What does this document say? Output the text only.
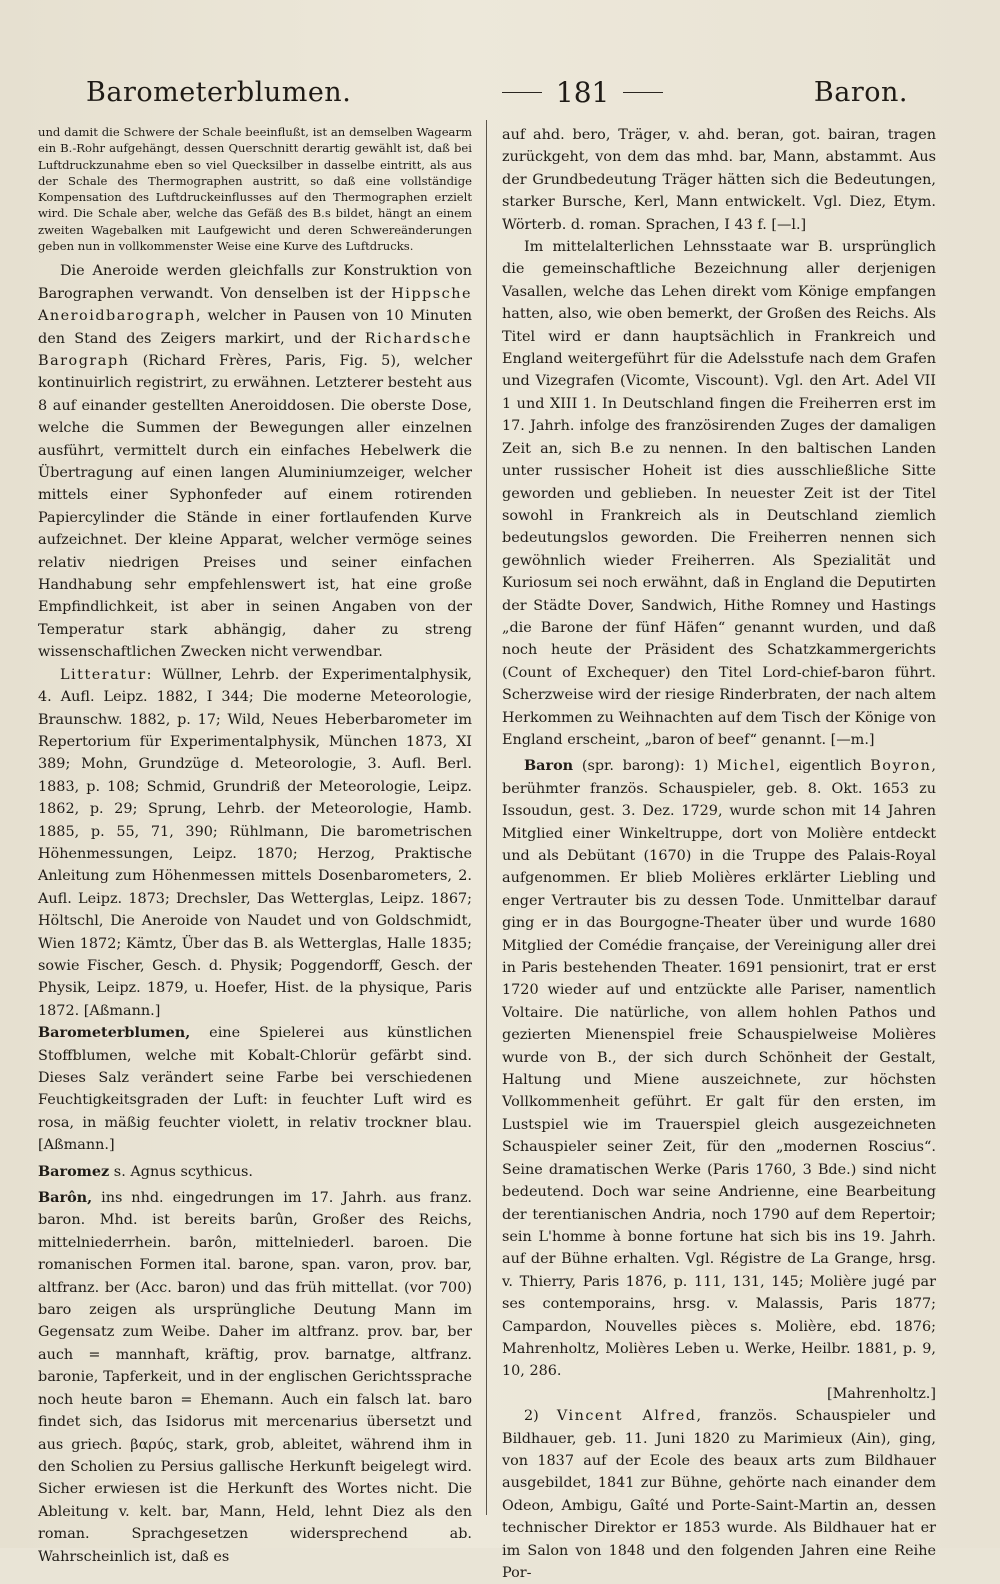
Barometerblumen.	181	Baron.

und damit die Schwere der Schale beeinflußt, ist an demselben Wagearm ein B.-Rohr aufgehängt, dessen Querschnitt derartig gewählt ist, daß bei Luftdruckzunahme eben so viel Quecksilber in dasselbe eintritt, als aus der Schale des Thermographen austritt, so daß eine vollständige Kompensation des Luftdruckeinflusses auf den Thermographen erzielt wird. Die Schale aber, welche das Gefäß des B.s bildet, hängt an einem zweiten Wagebalken mit Laufgewicht und deren Schwereänderungen geben nun in vollkommenster Weise eine Kurve des Luftdrucks.

Die Aneroide werden gleichfalls zur Konstruktion von Barographen verwandt. Von denselben ist der Hippsche Aneroidbarograph, welcher in Pausen von 10 Minuten den Stand des Zeigers markirt, und der Richardsche Barograph (Richard Frères, Paris, Fig. 5), welcher kontinuirlich registrirt, zu erwähnen. Letzterer besteht aus 8 auf einander gestellten Aneroiddosen. Die oberste Dose, welche die Summen der Bewegungen aller einzelnen ausführt, vermittelt durch ein einfaches Hebelwerk die Übertragung auf einen langen Aluminiumzeiger, welcher mittels einer Syphonfeder auf einem rotirenden Papiercylinder die Stände in einer fortlaufenden Kurve aufzeichnet. Der kleine Apparat, welcher vermöge seines relativ niedrigen Preises und seiner einfachen Handhabung sehr empfehlenswert ist, hat eine große Empfindlichkeit, ist aber in seinen Angaben von der Temperatur stark abhängig, daher zu streng wissenschaftlichen Zwecken nicht verwendbar.

Litteratur: Wüllner, Lehrb. der Experimentalphysik, 4. Aufl. Leipz. 1882, I 344; Die moderne Meteorologie, Braunschw. 1882, p. 17; Wild, Neues Heberbarometer im Repertorium für Experimentalphysik, München 1873, XI 389; Mohn, Grundzüge d. Meteorologie, 3. Aufl. Berl. 1883, p. 108; Schmid, Grundriß der Meteorologie, Leipz. 1862, p. 29; Sprung, Lehrb. der Meteorologie, Hamb. 1885, p. 55, 71, 390; Rühlmann, Die barometrischen Höhenmessungen, Leipz. 1870; Herzog, Praktische Anleitung zum Höhenmessen mittels Dosenbarometers, 2. Aufl. Leipz. 1873; Drechsler, Das Wetterglas, Leipz. 1867; Höltschl, Die Aneroide von Naudet und von Goldschmidt, Wien 1872; Kämtz, Über das B. als Wetterglas, Halle 1835; sowie Fischer, Gesch. d. Physik; Poggendorff, Gesch. der Physik, Leipz. 1879, u. Hoefer, Hist. de la physique, Paris 1872. [Aßmann.]

Barometerblumen, eine Spielerei aus künstlichen Stoffblumen, welche mit Kobalt-Chlorür gefärbt sind. Dieses Salz verändert seine Farbe bei verschiedenen Feuchtigkeitsgraden der Luft: in feuchter Luft wird es rosa, in mäßig feuchter violett, in relativ trockner blau. [Aßmann.]

Baromez s. Agnus scythicus.

Barôn, ins nhd. eingedrungen im 17. Jahrh. aus franz. baron. Mhd. ist bereits barûn, Großer des Reichs, mittelniederrhein. barôn, mittelniederl. baroen. Die romanischen Formen ital. barone, span. varon, prov. bar, altfranz. ber (Acc. baron) und das früh mittellat. (vor 700) baro zeigen als ursprüngliche Deutung Mann im Gegensatz zum Weibe. Daher im altfranz. prov. bar, ber auch = mannhaft, kräftig, prov. barnatge, altfranz. baronie, Tapferkeit, und in der englischen Gerichtssprache noch heute baron = Ehemann. Auch ein falsch lat. baro findet sich, das Isidorus mit mercenarius übersetzt und aus griech. βαρύς, stark, grob, ableitet, während ihm in den Scholien zu Persius gallische Herkunft beigelegt wird. Sicher erwiesen ist die Herkunft des Wortes nicht. Die Ableitung v. kelt. bar, Mann, Held, lehnt Diez als den roman. Sprachgesetzen widersprechend ab. Wahrscheinlich ist, daß es

auf ahd. bero, Träger, v. ahd. beran, got. bairan, tragen zurückgeht, von dem das mhd. bar, Mann, abstammt. Aus der Grundbedeutung Träger hätten sich die Bedeutungen, starker Bursche, Kerl, Mann entwickelt. Vgl. Diez, Etym. Wörterb. d. roman. Sprachen, I 43 f. [—l.]

Im mittelalterlichen Lehnsstaate war B. ursprünglich die gemeinschaftliche Bezeichnung aller derjenigen Vasallen, welche das Lehen direkt vom Könige empfangen hatten, also, wie oben bemerkt, der Großen des Reichs. Als Titel wird er dann hauptsächlich in Frankreich und England weitergeführt für die Adelsstufe nach dem Grafen und Vizegrafen (Vicomte, Viscount). Vgl. den Art. Adel VII 1 und XIII 1. In Deutschland fingen die Freiherren erst im 17. Jahrh. infolge des französirenden Zuges der damaligen Zeit an, sich B.e zu nennen. In den baltischen Landen unter russischer Hoheit ist dies ausschließliche Sitte geworden und geblieben. In neuester Zeit ist der Titel sowohl in Frankreich als in Deutschland ziemlich bedeutungslos geworden. Die Freiherren nennen sich gewöhnlich wieder Freiherren. Als Spezialität und Kuriosum sei noch erwähnt, daß in England die Deputirten der Städte Dover, Sandwich, Hithe Romney und Hastings „die Barone der fünf Häfen“ genannt wurden, und daß noch heute der Präsident des Schatzkammergerichts (Count of Exchequer) den Titel Lord-chief-baron führt. Scherzweise wird der riesige Rinderbraten, der nach altem Herkommen zu Weihnachten auf dem Tisch der Könige von England erscheint, „baron of beef“ genannt. [—m.]

Baron (spr. barong): 1) Michel, eigentlich Boyron, berühmter französ. Schauspieler, geb. 8. Okt. 1653 zu Issoudun, gest. 3. Dez. 1729, wurde schon mit 14 Jahren Mitglied einer Winkeltruppe, dort von Molière entdeckt und als Debütant (1670) in die Truppe des Palais-Royal aufgenommen. Er blieb Molières erklärter Liebling und enger Vertrauter bis zu dessen Tode. Unmittelbar darauf ging er in das Bourgogne-Theater über und wurde 1680 Mitglied der Comédie française, der Vereinigung aller drei in Paris bestehenden Theater. 1691 pensionirt, trat er erst 1720 wieder auf und entzückte alle Pariser, namentlich Voltaire. Die natürliche, von allem hohlen Pathos und gezierten Mienenspiel freie Schauspielweise Molières wurde von B., der sich durch Schönheit der Gestalt, Haltung und Miene auszeichnete, zur höchsten Vollkommenheit geführt. Er galt für den ersten, im Lustspiel wie im Trauerspiel gleich ausgezeichneten Schauspieler seiner Zeit, für den „modernen Roscius“. Seine dramatischen Werke (Paris 1760, 3 Bde.) sind nicht bedeutend. Doch war seine Andrienne, eine Bearbeitung der terentianischen Andria, noch 1790 auf dem Repertoir; sein L'homme à bonne fortune hat sich bis ins 19. Jahrh. auf der Bühne erhalten. Vgl. Régistre de La Grange, hrsg. v. Thierry, Paris 1876, p. 111, 131, 145; Molière jugé par ses contemporains, hrsg. v. Malassis, Paris 1877; Campardon, Nouvelles pièces s. Molière, ebd. 1876; Mahrenholtz, Molières Leben u. Werke, Heilbr. 1881, p. 9, 10, 286.
[Mahrenholtz.]

2) Vincent Alfred, französ. Schauspieler und Bildhauer, geb. 11. Juni 1820 zu Marimieux (Ain), ging, von 1837 auf der Ecole des beaux arts zum Bildhauer ausgebildet, 1841 zur Bühne, gehörte nach einander dem Odeon, Ambigu, Gaîté und Porte-Saint-Martin an, dessen technischer Direktor er 1853 wurde. Als Bildhauer hat er im Salon von 1848 und den folgenden Jahren eine Reihe Por-
